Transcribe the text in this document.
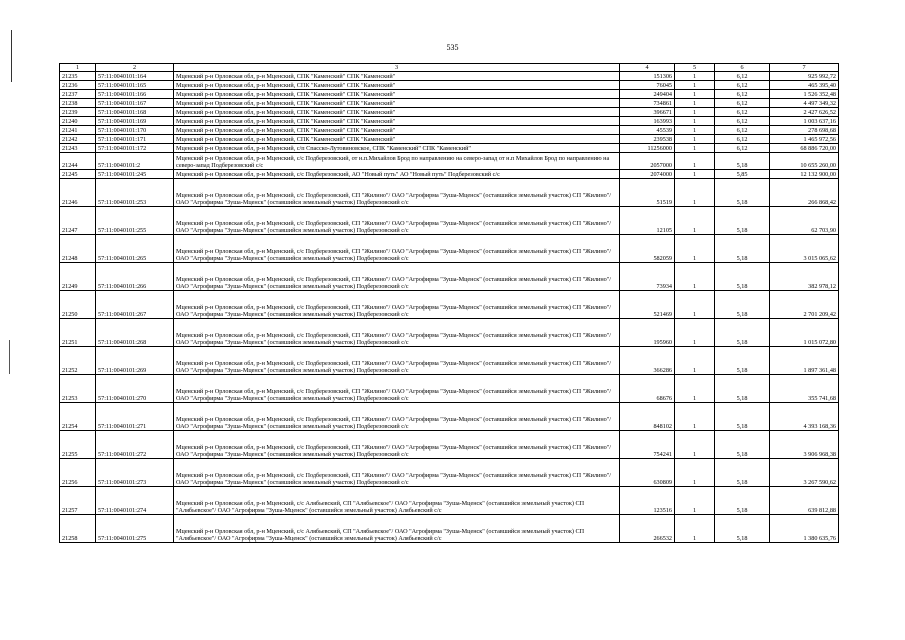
535
1	2	3	4	5	6	7
21235	57:11:0040101:164	Мценский р-н Орловская обл, р-н Мценский, СПК "Каменский" СПК "Каменский"	151306	1	6,12	925 992,72
21236	57:11:0040101:165	Мценский р-н Орловская обл, р-н Мценский, СПК "Каменский" СПК "Каменский"	76045	1	6,12	465 395,40
21237	57:11:0040101:166	Мценский р-н Орловская обл, р-н Мценский, СПК "Каменский" СПК "Каменский"	249404	1	6,12	1 526 352,48
21238	57:11:0040101:167	Мценский р-н Орловская обл, р-н Мценский, СПК "Каменский" СПК "Каменский"	734861	1	6,12	4 497 349,32
21239	57:11:0040101:168	Мценский р-н Орловская обл, р-н Мценский, СПК "Каменский" СПК "Каменский"	396671	1	6,12	2 427 626,52
21240	57:11:0040101:169	Мценский р-н Орловская обл, р-н Мценский, СПК "Каменский" СПК "Каменский"	163993	1	6,12	1 003 637,16
21241	57:11:0040101:170	Мценский р-н Орловская обл, р-н Мценский, СПК "Каменский" СПК "Каменский"	45539	1	6,12	278 698,68
21242	57:11:0040101:171	Мценский р-н Орловская обл, р-н Мценский, СПК "Каменский" СПК "Каменский"	239538	1	6,12	1 465 972,56
21243	57:11:0040101:172	Мценский р-н Орловская обл, р-н Мценский, с/п Спасско-Лутовиновское, СПК "Каменский" СПК "Каменский"	11256000	1	6,12	68 886 720,00
21244	57:11:0040101:2	Мценский р-н Орловская обл, р-н Мценский, с/с Подберезовский, от н.п.Михайлов Брод по направлению на северо-запад от н.п Михайлов Брод по направлению на северо-запад Подберезовский с/с	2057000	1	5,18	10 655 260,00
21245	57:11:0040101:245	Мценский р-н Орловская обл, р-н Мценский, с/с Подберезовский, АО "Новый путь" АО "Новый путь" Подберезовский с/с	2074000	1	5,85	12 132 900,00
21246	57:11:0040101:253	Мценский р-н Орловская обл, р-н Мценский, с/с Подберезовский, СП "Жилино"/ ОАО "Агрофирма "Зуша-Мценск" (оставшийся земельный участок) СП "Жилино"/ ОАО "Агрофирма "Зуша-Мценск" (оставшийся земельный участок) Подберезовский с/с	51519	1	5,18	266 868,42
21247	57:11:0040101:255	Мценский р-н Орловская обл, р-н Мценский, с/с Подберезовский, СП "Жилино"/ ОАО "Агрофирма "Зуша-Мценск" (оставшийся земельный участок) СП "Жилино"/ ОАО "Агрофирма "Зуша-Мценск" (оставшийся земельный участок) Подберезовский с/с	12105	1	5,18	62 703,90
21248	57:11:0040101:265	Мценский р-н Орловская обл, р-н Мценский, с/с Подберезовский, СП "Жилино"/ ОАО "Агрофирма "Зуша-Мценск" (оставшийся земельный участок) СП "Жилино"/ ОАО "Агрофирма "Зуша-Мценск" (оставшийся земельный участок) Подберезовский с/с	582059	1	5,18	3 015 065,62
21249	57:11:0040101:266	Мценский р-н Орловская обл, р-н Мценский, с/с Подберезовский, СП "Жилино"/ ОАО "Агрофирма "Зуша-Мценск" (оставшийся земельный участок) СП "Жилино"/ ОАО "Агрофирма "Зуша-Мценск" (оставшийся земельный участок) Подберезовский с/с	73934	1	5,18	382 978,12
21250	57:11:0040101:267	Мценский р-н Орловская обл, р-н Мценский, с/с Подберезовский, СП "Жилино"/ ОАО "Агрофирма "Зуша-Мценск" (оставшийся земельный участок) СП "Жилино"/ ОАО "Агрофирма "Зуша-Мценск" (оставшийся земельный участок) Подберезовский с/с	521469	1	5,18	2 701 209,42
21251	57:11:0040101:268	Мценский р-н Орловская обл, р-н Мценский, с/с Подберезовский, СП "Жилино"/ ОАО "Агрофирма "Зуша-Мценск" (оставшийся земельный участок) СП "Жилино"/ ОАО "Агрофирма "Зуша-Мценск" (оставшийся земельный участок) Подберезовский с/с	195960	1	5,18	1 015 072,80
21252	57:11:0040101:269	Мценский р-н Орловская обл, р-н Мценский, с/с Подберезовский, СП "Жилино"/ ОАО "Агрофирма "Зуша-Мценск" (оставшийся земельный участок) СП "Жилино"/ ОАО "Агрофирма "Зуша-Мценск" (оставшийся земельный участок) Подберезовский с/с	366286	1	5,18	1 897 361,48
21253	57:11:0040101:270	Мценский р-н Орловская обл, р-н Мценский, с/с Подберезовский, СП "Жилино"/ ОАО "Агрофирма "Зуша-Мценск" (оставшийся земельный участок) СП "Жилино"/ ОАО "Агрофирма "Зуша-Мценск" (оставшийся земельный участок) Подберезовский с/с	68676	1	5,18	355 741,68
21254	57:11:0040101:271	Мценский р-н Орловская обл, р-н Мценский, с/с Подберезовский, СП "Жилино"/ ОАО "Агрофирма "Зуша-Мценск" (оставшийся земельный участок) СП "Жилино"/ ОАО "Агрофирма "Зуша-Мценск" (оставшийся земельный участок) Подберезовский с/с	848102	1	5,18	4 393 168,36
21255	57:11:0040101:272	Мценский р-н Орловская обл, р-н Мценский, с/с Подберезовский, СП "Жилино"/ ОАО "Агрофирма "Зуша-Мценск" (оставшийся земельный участок) СП "Жилино"/ ОАО "Агрофирма "Зуша-Мценск" (оставшийся земельный участок) Подберезовский с/с	754241	1	5,18	3 906 968,38
21256	57:11:0040101:273	Мценский р-н Орловская обл, р-н Мценский, с/с Подберезовский, СП "Жилино"/ ОАО "Агрофирма "Зуша-Мценск" (оставшийся земельный участок) СП "Жилино"/ ОАО "Агрофирма "Зуша-Мценск" (оставшийся земельный участок) Подберезовский с/с	630809	1	5,18	3 267 590,62
21257	57:11:0040101:274	Мценский р-н Орловская обл, р-н Мценский, с/с Алябьевский, СП "Алябьевское"/ ОАО "Агрофирма "Зуша-Мценск" (оставшийся земельный участок) СП "Алябьевское"/ ОАО "Агрофирма "Зуша-Мценск" (оставшийся земельный участок) Алябьевский с/с	123516	1	5,18	639 812,88
21258	57:11:0040101:275	Мценский р-н Орловская обл, р-н Мценский, с/с Алябьевский, СП "Алябьевское"/ ОАО "Агрофирма "Зуша-Мценск" (оставшийся земельный участок) СП "Алябьевское"/ ОАО "Агрофирма "Зуша-Мценск" (оставшийся земельный участок) Алябьевский с/с	266532	1	5,18	1 380 635,76
